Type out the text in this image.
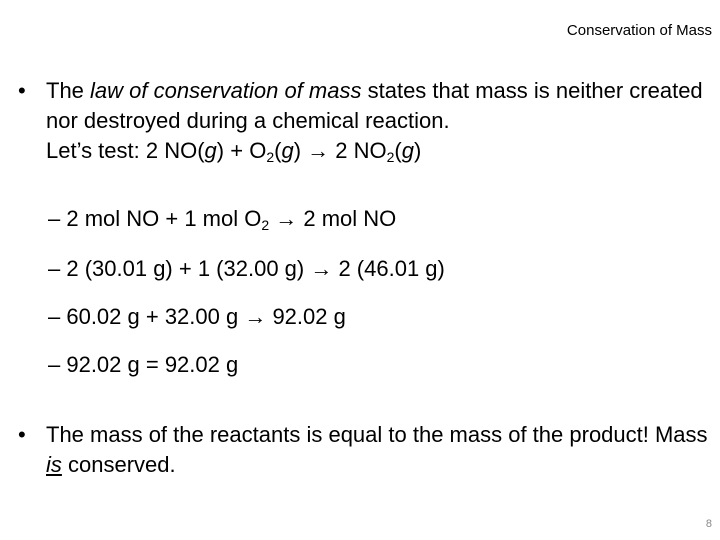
Conservation of Mass
• The law of conservation of mass states that mass is neither created nor destroyed during a chemical reaction.
Let’s test: 2 $NO(g) + O_2(g) \to 2$ $NO_2(g)$
– 2 mol NO + 1 mol $O_2 \to 2$ mol NO
– 2 (30.01 g) + 1 (32.00 g) → 2 (46.01 g)
– 60.02 g + 32.00 g → 92.02 g
– 92.02 g = 92.02 g
• The mass of the reactants is equal to the mass of the product! Mass is conserved.
8
